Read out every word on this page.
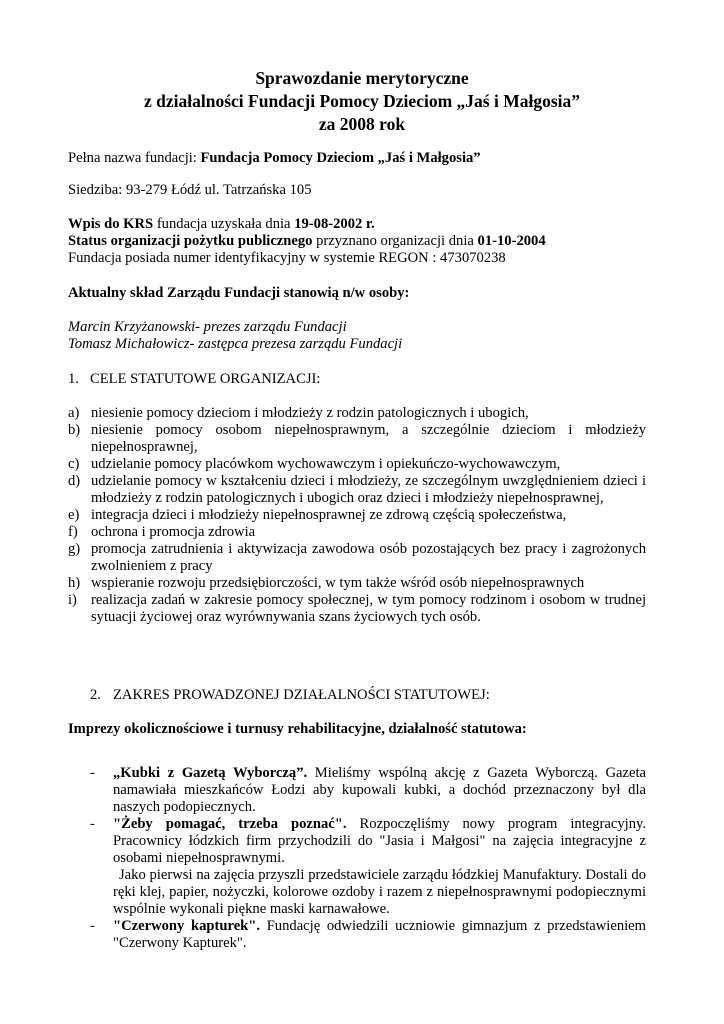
Sprawozdanie merytoryczne
z działalności Fundacji Pomocy Dzieciom „Jaś i Małgosia”
za 2008 rok
Pełna nazwa fundacji: Fundacja Pomocy Dzieciom „Jaś i Małgosia”
Siedziba: 93-279 Łódź ul. Tatrzańska 105
Wpis do KRS fundacja uzyskała dnia 19-08-2002 r.
Status organizacji pożytku publicznego przyznano organizacji dnia 01-10-2004
Fundacja posiada numer identyfikacyjny w systemie REGON : 473070238
Aktualny skład Zarządu Fundacji stanowią n/w osoby:
Marcin Krzyżanowski- prezes zarządu Fundacji
Tomasz Michałowicz- zastępca prezesa zarządu Fundacji
1. CELE STATUTOWE ORGANIZACJI:
a) niesienie pomocy dzieciom i młodzieży z rodzin patologicznych i ubogich,
b) niesienie pomocy osobom niepełnosprawnym, a szczególnie dzieciom i młodzieży niepełnosprawnej,
c) udzielanie pomocy placówkom wychowawczym i opiekuńczo-wychowawczym,
d) udzielanie pomocy w kształceniu dzieci i młodzieży, ze szczególnym uwzględnieniem dzieci i młodzieży z rodzin patologicznych i ubogich oraz dzieci i młodzieży niepełnosprawnej,
e) integracja dzieci i młodzieży niepełnosprawnej ze zdrową częścią społeczeństwa,
f) ochrona i promocja zdrowia
g) promocja zatrudnienia i aktywizacja zawodowa osób pozostających bez pracy i zagrożonych zwolnieniem z pracy
h) wspieranie rozwoju przedsiębiorczości, w tym także wśród osób niepełnosprawnych
i) realizacja zadań w zakresie pomocy społecznej, w tym pomocy rodzinom i osobom w trudnej sytuacji życiowej oraz wyrównywania szans życiowych tych osób.
2. ZAKRES PROWADZONEJ DZIAŁALNOŚCI STATUTOWEJ:
Imprezy okolicznościowe i turnusy rehabilitacyjne, działalność statutowa:
- „Kubki z Gazetą Wyborczą”. Mieliśmy wspólną akcję z Gazeta Wyborczą. Gazeta namawiała mieszkańców Łodzi aby kupowali kubki, a dochód przeznaczony był dla naszych podopiecznych.
- "Żeby pomagać, trzeba poznać". Rozpoczęliśmy nowy program integracyjny. Pracownicy łódzkich firm przychodzili do "Jasia i Małgosi" na zajęcia integracyjne z osobami niepełnosprawnymi.
Jako pierwsi na zajęcia przyszli przedstawiciele zarządu łódzkiej Manufaktury. Dostali do ręki klej, papier, nożyczki, kolorowe ozdoby i razem z niepełnosprawnymi podopiecznymi wspólnie wykonali piękne maski karnawałowe.
- "Czerwony kapturek". Fundację odwiedzili uczniowie gimnazjum z przedstawieniem "Czerwony Kapturek".
